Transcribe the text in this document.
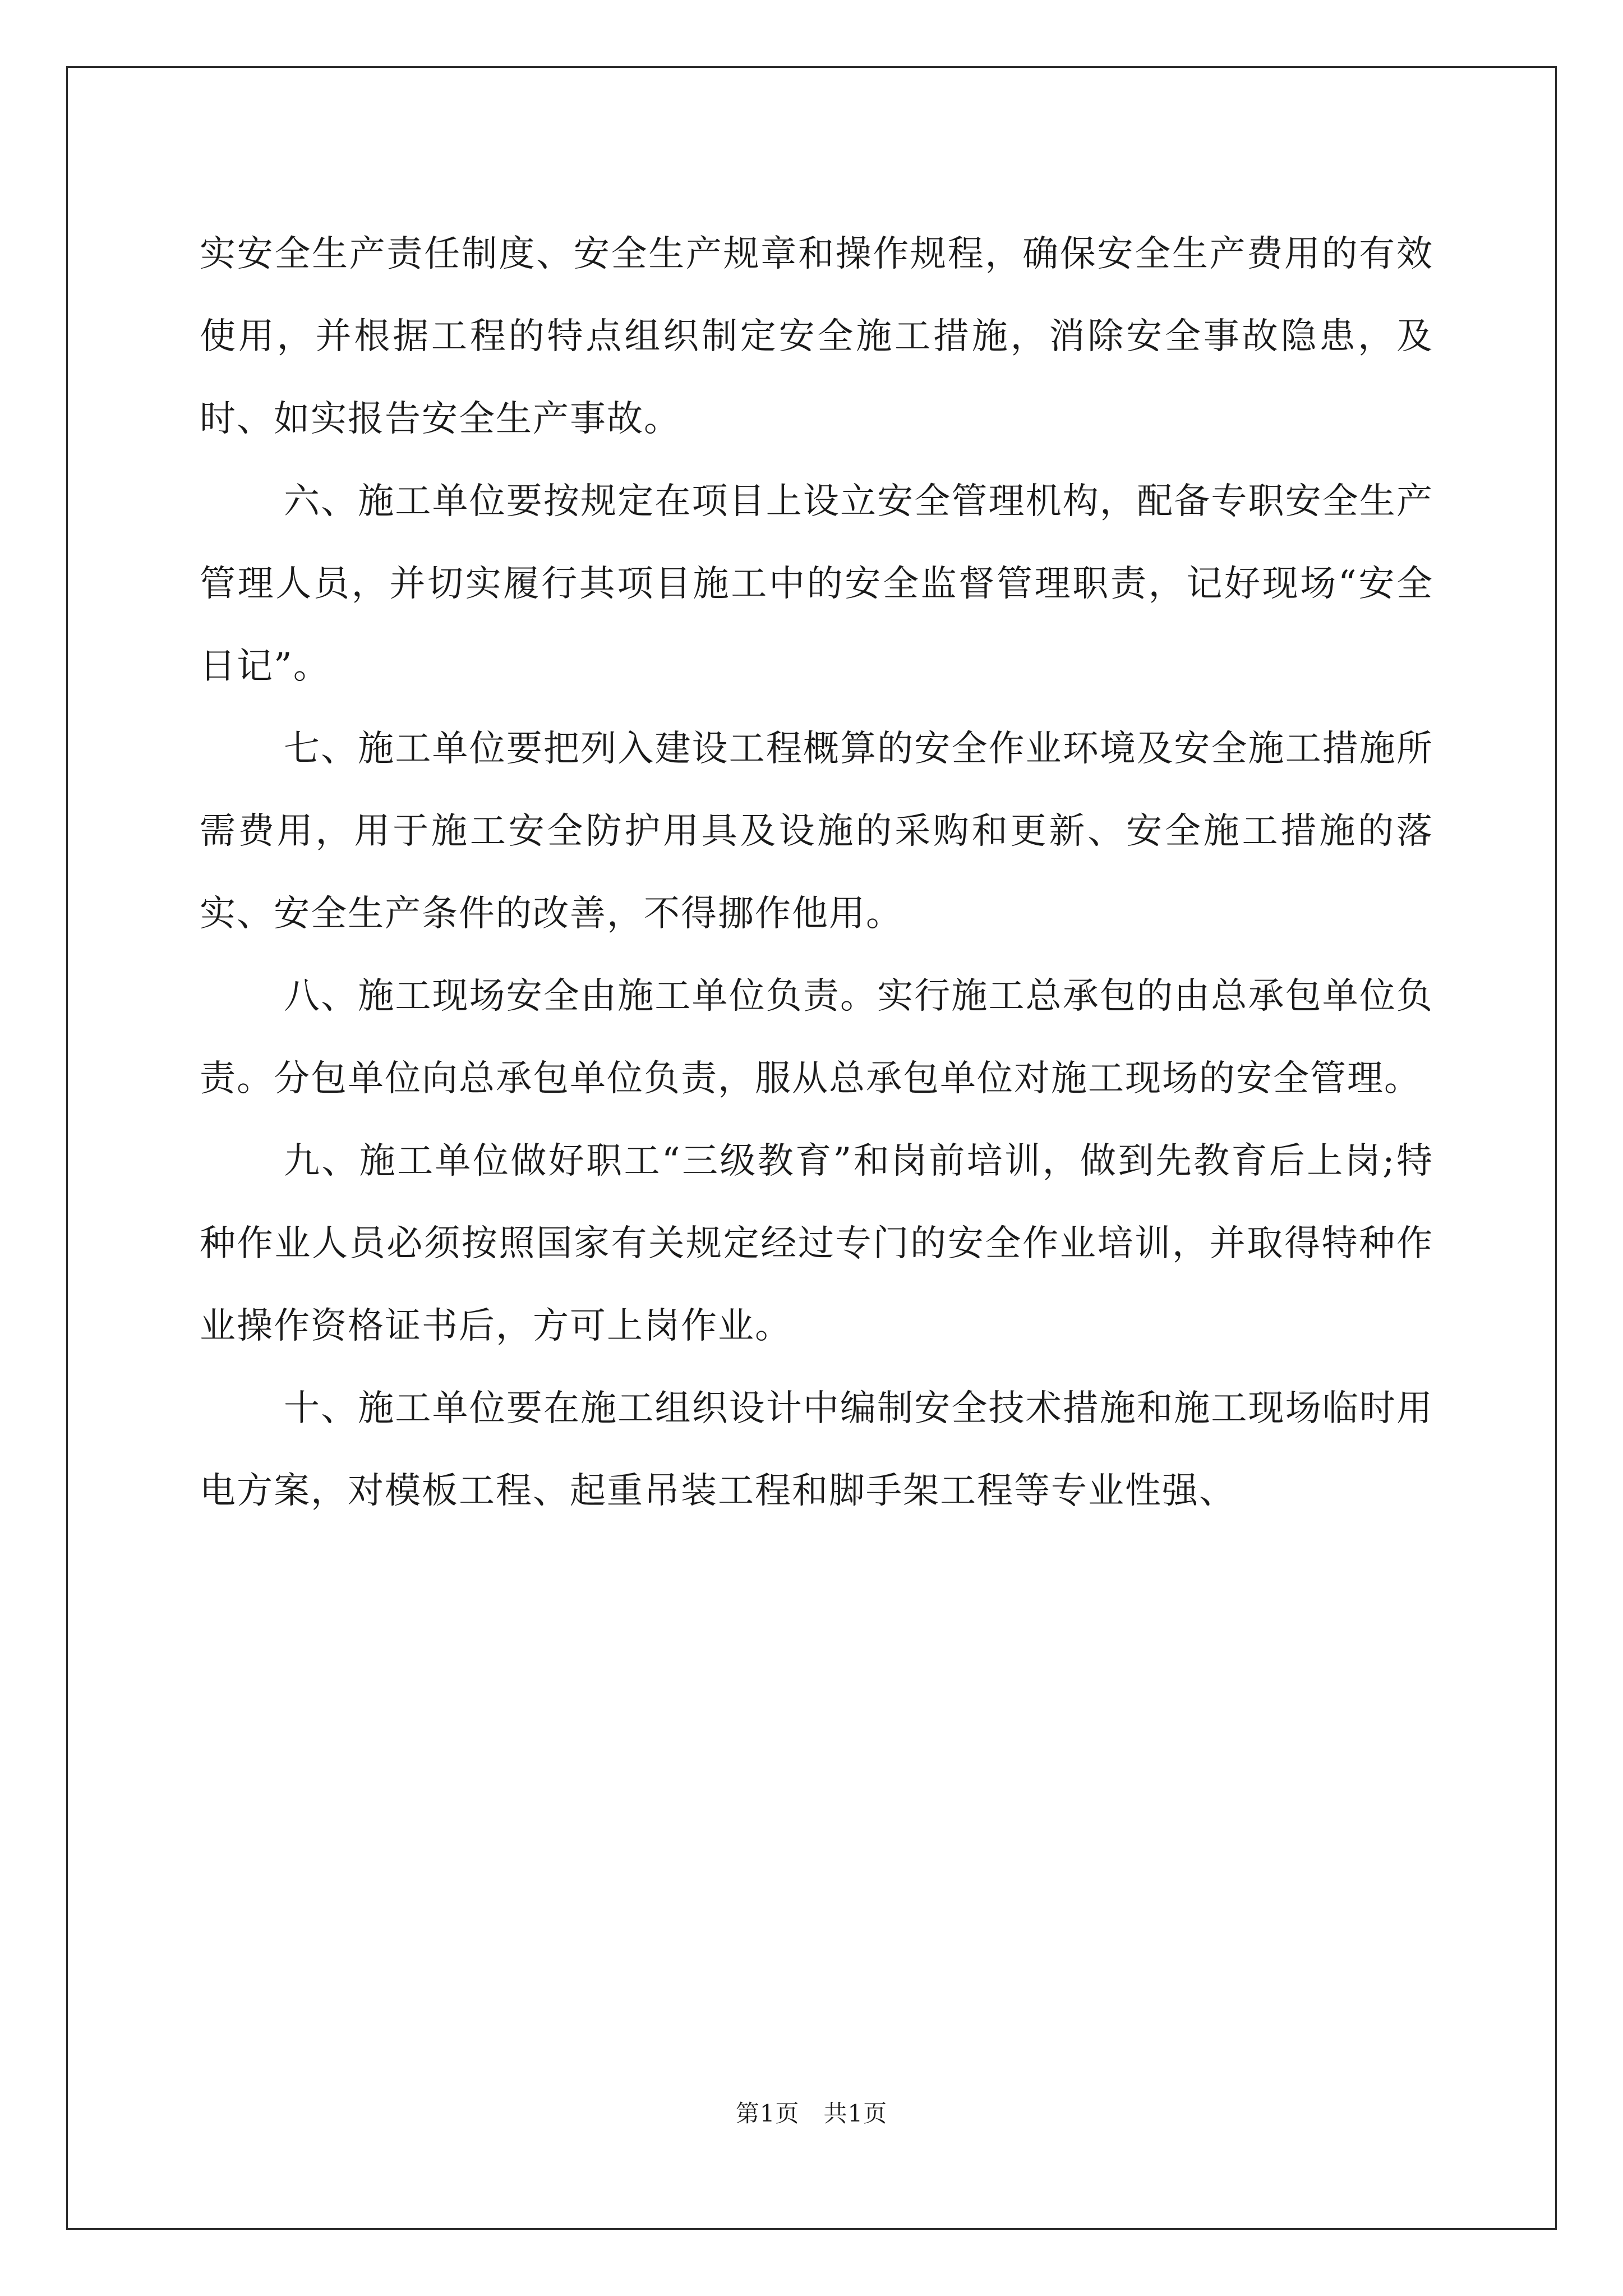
实安全生产责任制度、安全生产规章和操作规程，确保安全生产费用的有效使用，并根据工程的特点组织制定安全施工措施，消除安全事故隐患，及时、如实报告安全生产事故。

六、施工单位要按规定在项目上设立安全管理机构，配备专职安全生产管理人员，并切实履行其项目施工中的安全监督管理职责，记好现场“安全日记”。

七、施工单位要把列入建设工程概算的安全作业环境及安全施工措施所需费用，用于施工安全防护用具及设施的采购和更新、安全施工措施的落实、安全生产条件的改善，不得挪作他用。

八、施工现场安全由施工单位负责。实行施工总承包的由总承包单位负责。分包单位向总承包单位负责，服从总承包单位对施工现场的安全管理。

九、施工单位做好职工“三级教育”和岗前培训，做到先教育后上岗;特种作业人员必须按照国家有关规定经过专门的安全作业培训，并取得特种作业操作资格证书后，方可上岗作业。

十、施工单位要在施工组织设计中编制安全技术措施和施工现场临时用电方案，对模板工程、起重吊装工程和脚手架工程等专业性强、

第1页 共1页
